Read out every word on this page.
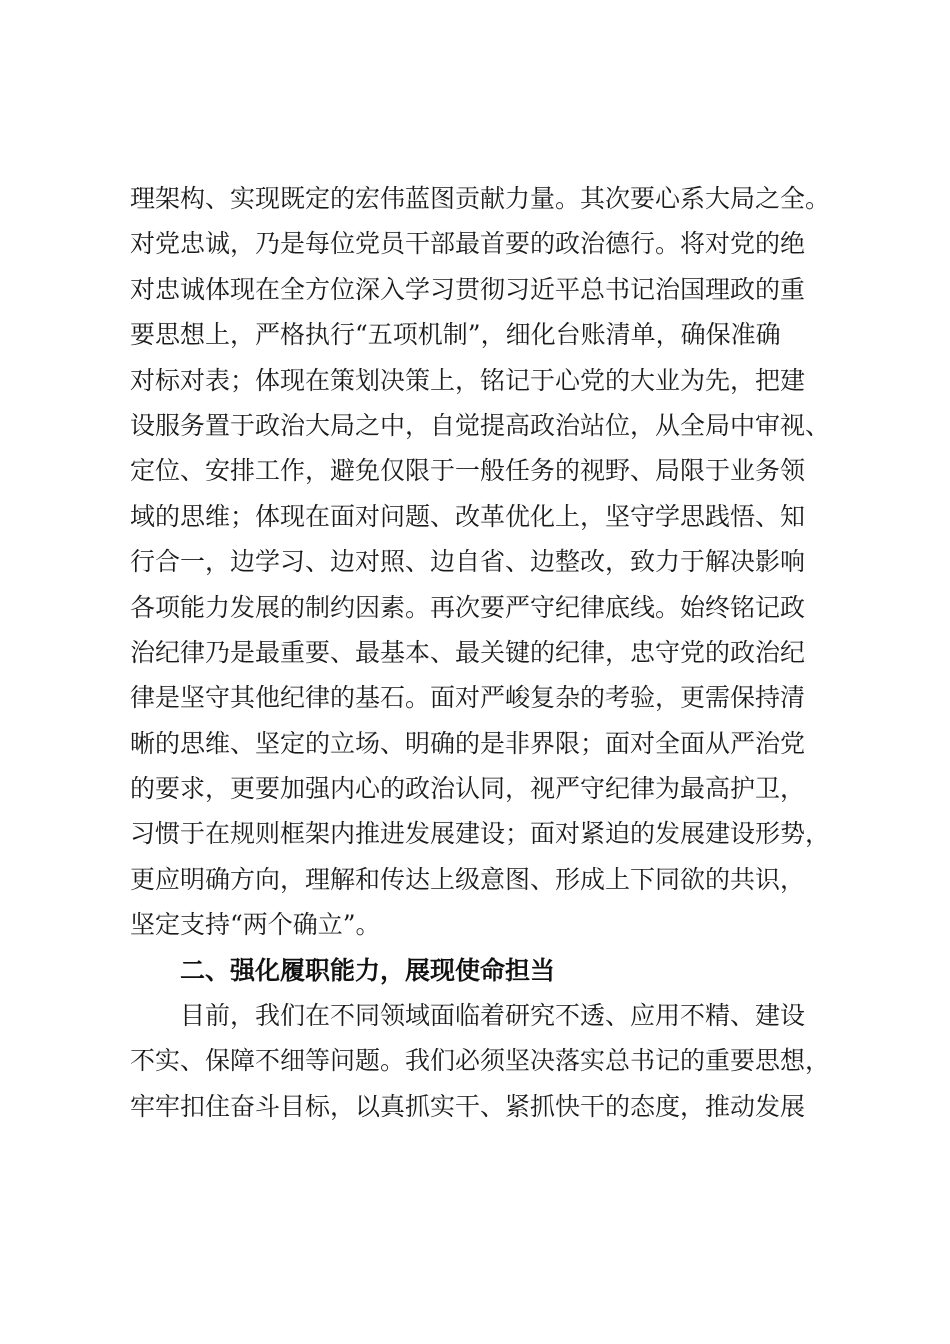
理架构、实现既定的宏伟蓝图贡献力量。其次要心系大局之全。
对党忠诚，乃是每位党员干部最首要的政治德行。将对党的绝
对忠诚体现在全方位深入学习贯彻习近平总书记治国理政的重
要思想上，严格执行“五项机制”，细化台账清单，确保准确
对标对表；体现在策划决策上，铭记于心党的大业为先，把建
设服务置于政治大局之中，自觉提高政治站位，从全局中审视、
定位、安排工作，避免仅限于一般任务的视野、局限于业务领
域的思维；体现在面对问题、改革优化上，坚守学思践悟、知
行合一，边学习、边对照、边自省、边整改，致力于解决影响
各项能力发展的制约因素。再次要严守纪律底线。始终铭记政
治纪律乃是最重要、最基本、最关键的纪律，忠守党的政治纪
律是坚守其他纪律的基石。面对严峻复杂的考验，更需保持清
晰的思维、坚定的立场、明确的是非界限；面对全面从严治党
的要求，更要加强内心的政治认同，视严守纪律为最高护卫，
习惯于在规则框架内推进发展建设；面对紧迫的发展建设形势，
更应明确方向，理解和传达上级意图、形成上下同欲的共识，
坚定支持“两个确立”。
二、强化履职能力，展现使命担当
目前，我们在不同领域面临着研究不透、应用不精、建设
不实、保障不细等问题。我们必须坚决落实总书记的重要思想，
牢牢扣住奋斗目标，以真抓实干、紧抓快干的态度，推动发展
